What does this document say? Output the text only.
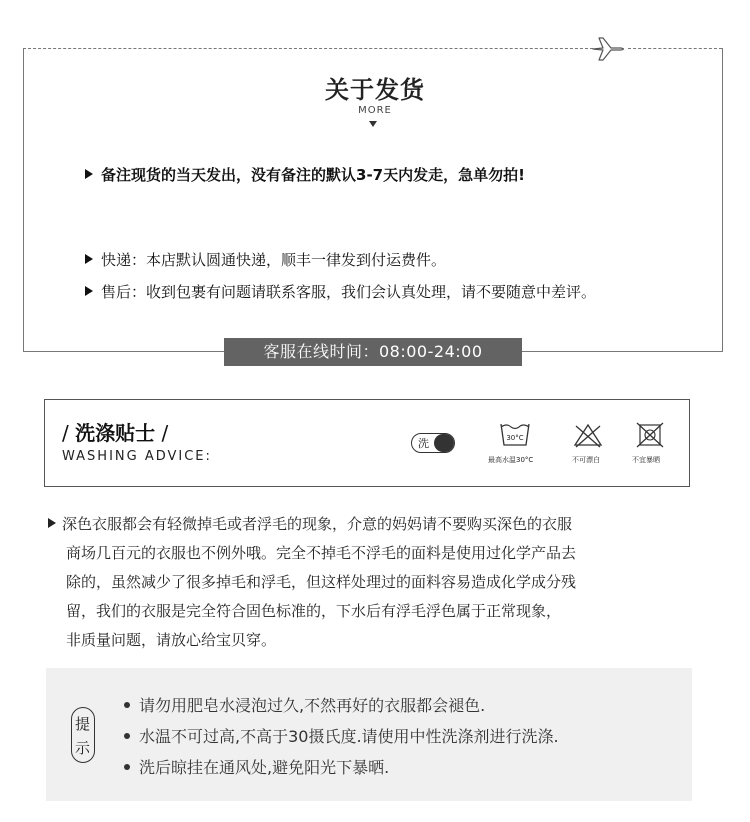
关于发货
MORE
备注现货的当天发出，没有备注的默认3-7天内发走，急单勿拍!
快递：本店默认圆通快递，顺丰一律发到付运费件。
售后：收到包裹有问题请联系客服，我们会认真处理，请不要随意中差评。
客服在线时间：08:00-24:00
/ 洗涤贴士 /
WASHING ADVICE:
洗	30°C
最高水温30°C	不可漂白	不宜暴晒
深色衣服都会有轻微掉毛或者浮毛的现象，介意的妈妈请不要购买深色的衣服
商场几百元的衣服也不例外哦。完全不掉毛不浮毛的面料是使用过化学产品去
除的，虽然减少了很多掉毛和浮毛，但这样处理过的面料容易造成化学成分残
留，我们的衣服是完全符合固色标准的，下水后有浮毛浮色属于正常现象，
非质量问题，请放心给宝贝穿。
提
示
请勿用肥皂水浸泡过久,不然再好的衣服都会褪色.
水温不可过高,不高于30摄氏度.请使用中性洗涤剂进行洗涤.
洗后晾挂在通风处,避免阳光下暴晒.
